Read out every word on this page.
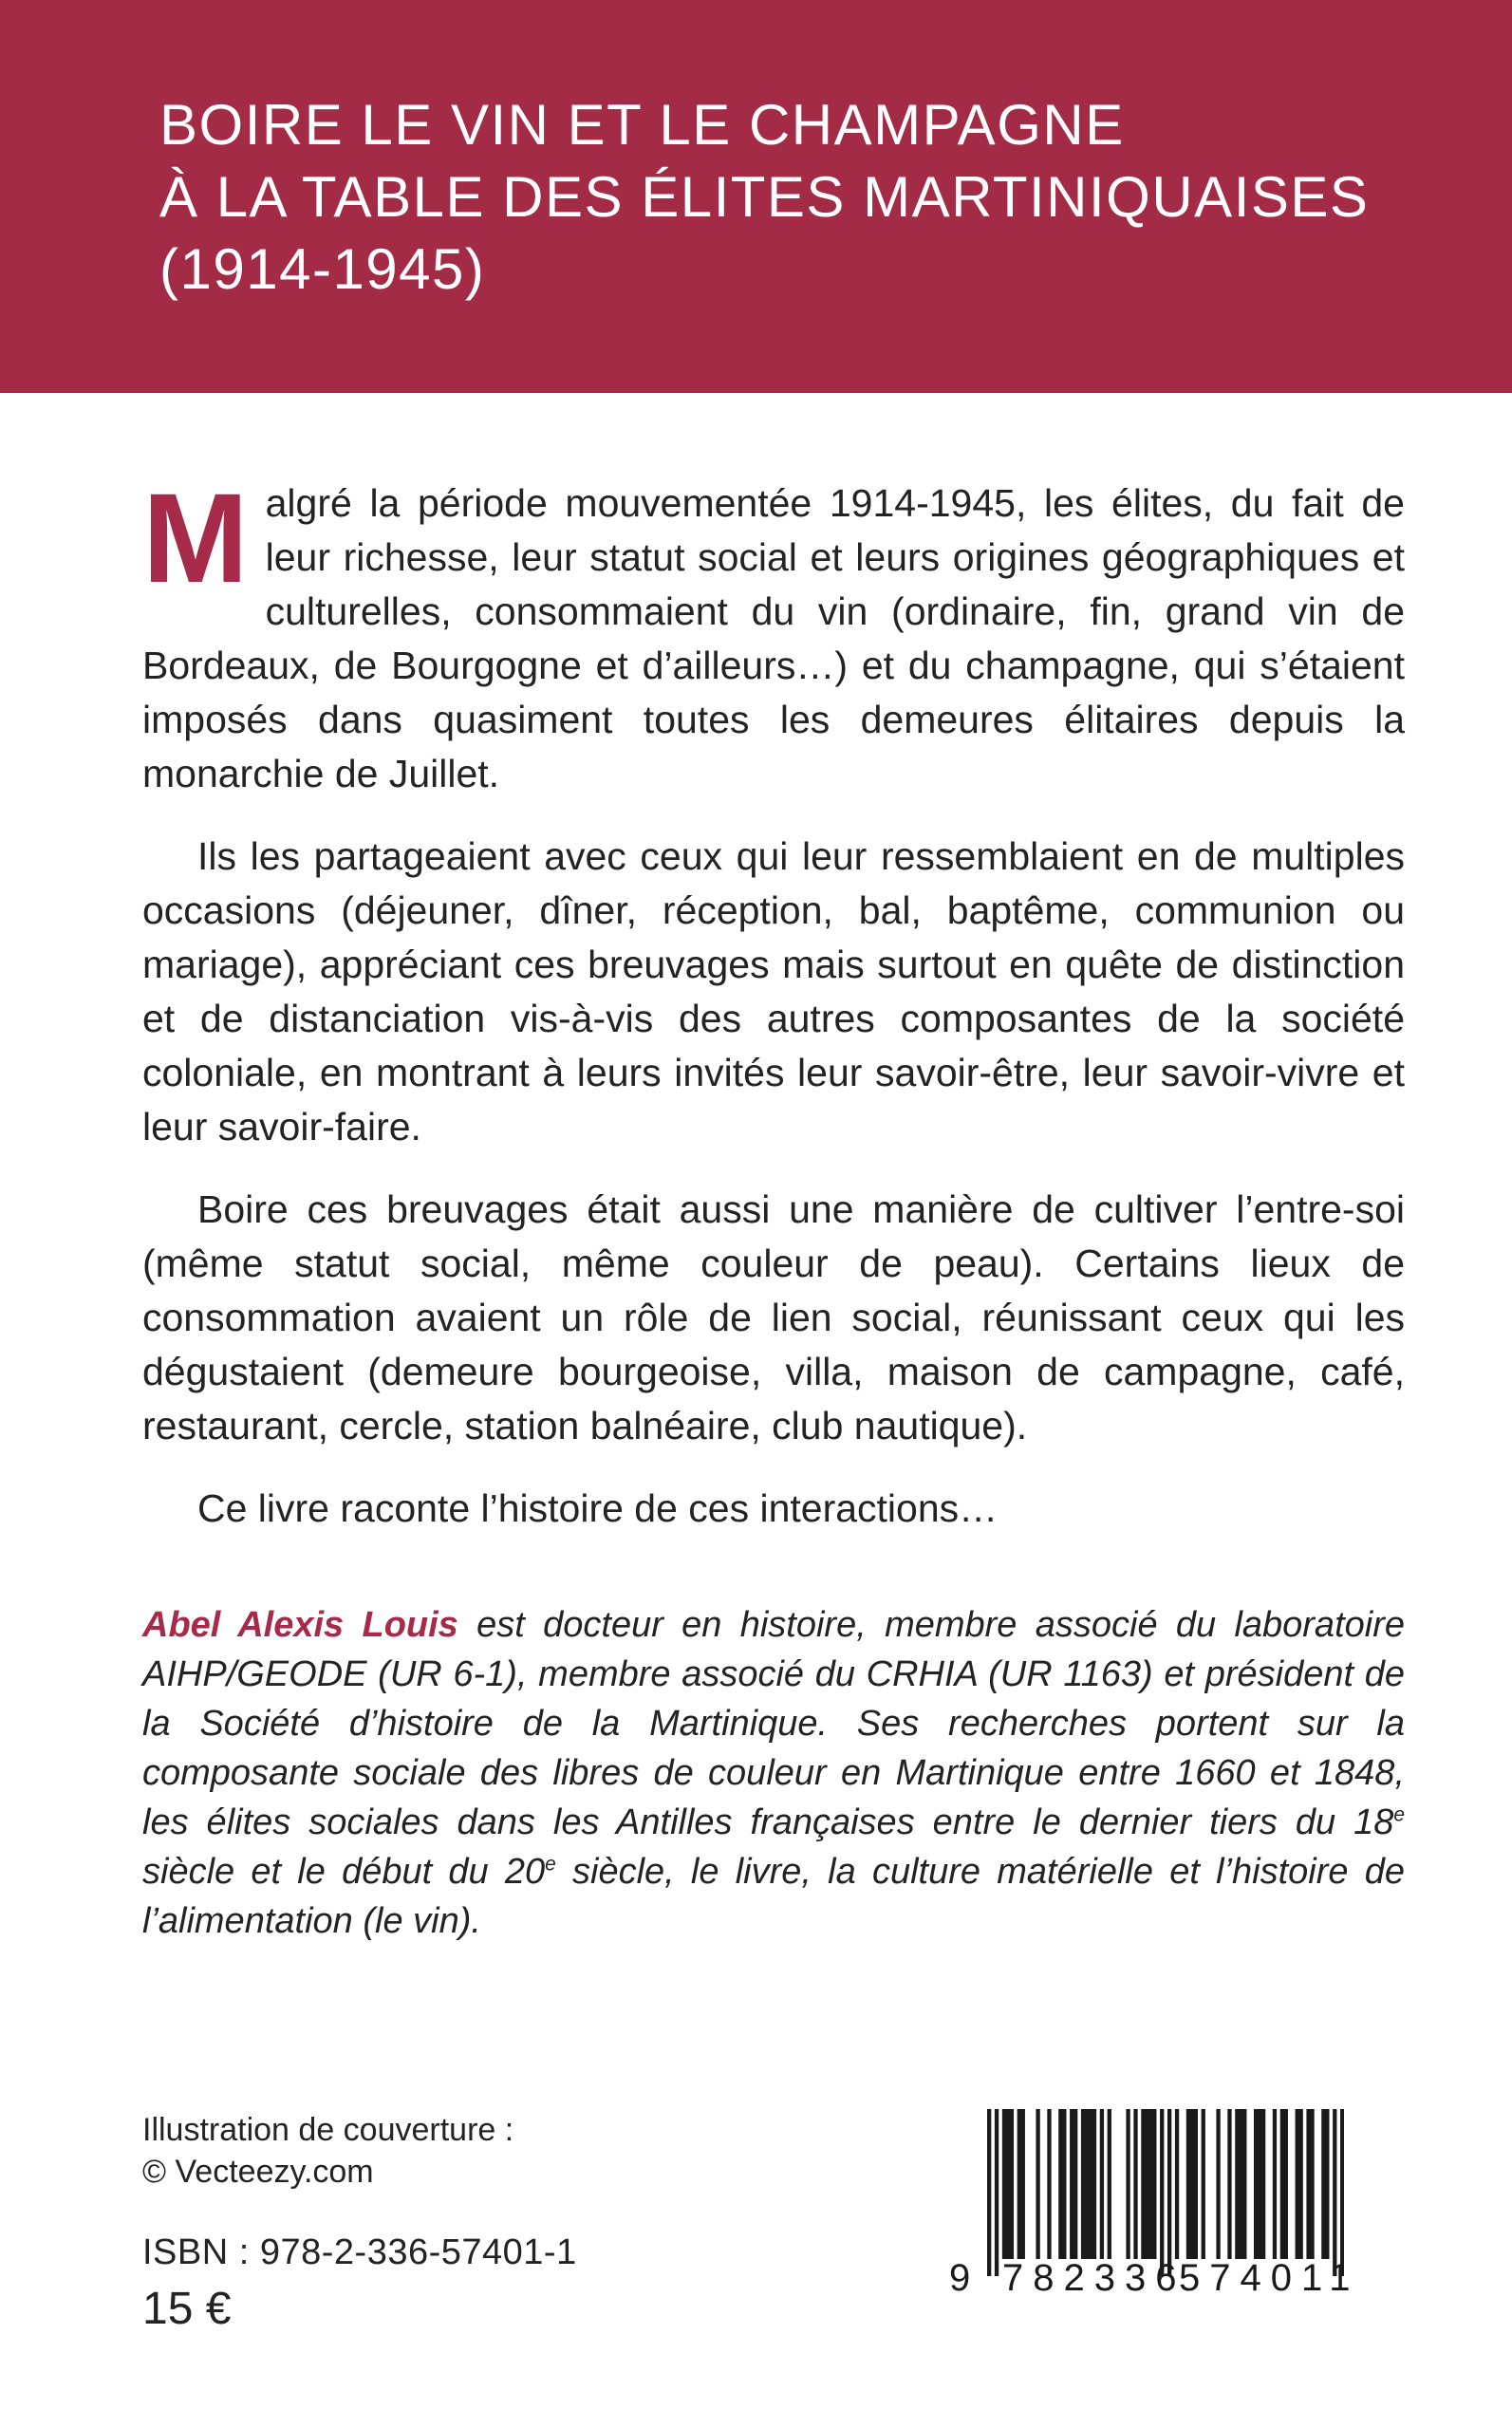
BOIRE LE VIN ET LE CHAMPAGNE
À LA TABLE DES ÉLITES MARTINIQUAISES
(1914-1945)

Malgré la période mouvementée 1914-1945, les élites, du fait de leur richesse, leur statut social et leurs origines géographiques et culturelles, consommaient du vin (ordinaire, fin, grand vin de Bordeaux, de Bourgogne et d’ailleurs…) et du champagne, qui s’étaient imposés dans quasiment toutes les demeures élitaires depuis la monarchie de Juillet.

Ils les partageaient avec ceux qui leur ressemblaient en de multiples occasions (déjeuner, dîner, réception, bal, baptême, communion ou mariage), appréciant ces breuvages mais surtout en quête de distinction et de distanciation vis-à-vis des autres composantes de la société coloniale, en montrant à leurs invités leur savoir-être, leur savoir-vivre et leur savoir-faire.

Boire ces breuvages était aussi une manière de cultiver l’entre-soi (même statut social, même couleur de peau). Certains lieux de consommation avaient un rôle de lien social, réunissant ceux qui les dégustaient (demeure bourgeoise, villa, maison de campagne, café, restaurant, cercle, station balnéaire, club nautique).

Ce livre raconte l’histoire de ces interactions…

Abel Alexis Louis est docteur en histoire, membre associé du laboratoire AIHP/GEODE (UR 6-1), membre associé du CRHIA (UR 1163) et président de la Société d’histoire de la Martinique. Ses recherches portent sur la composante sociale des libres de couleur en Martinique entre 1660 et 1848, les élites sociales dans les Antilles françaises entre le dernier tiers du 18e siècle et le début du 20e siècle, le livre, la culture matérielle et l’histoire de l’alimentation (le vin).

Illustration de couverture :
© Vecteezy.com
ISBN : 978-2-336-57401-1
15 €
9 782336
574011
